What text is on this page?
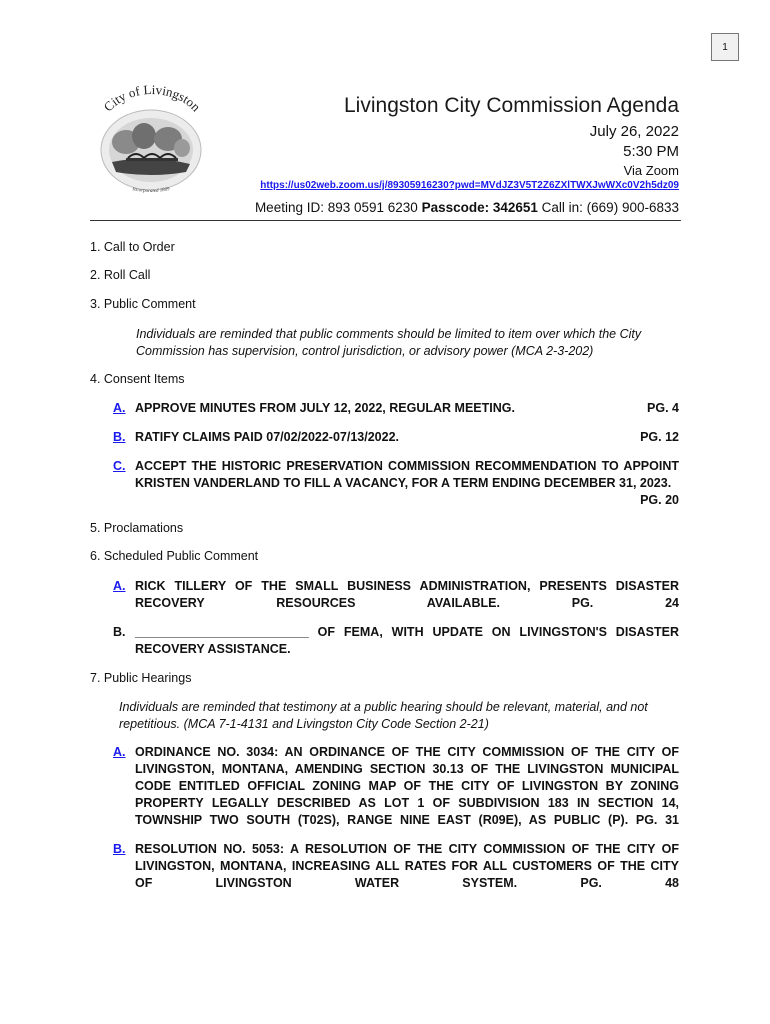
1
City of Livingston
Incorporated 1889
Livingston City Commission Agenda
July 26, 2022
5:30 PM
Via Zoom
https://us02web.zoom.us/j/89305916230?pwd=MVdJZ3V5T2Z6ZXlTWXJwWXc0V2h5dz09
Meeting ID: 893 0591 6230 Passcode: 342651 Call in: (669) 900-6833
1. Call to Order
2. Roll Call
3. Public Comment
Individuals are reminded that public comments should be limited to item over which the City Commission has supervision, control jurisdiction, or advisory power (MCA 2-3-202)
4. Consent Items
A. APPROVE MINUTES FROM JULY 12, 2022, REGULAR MEETING.	PG. 4
B. RATIFY CLAIMS PAID 07/02/2022-07/13/2022.	PG. 12
C. ACCEPT THE HISTORIC PRESERVATION COMMISSION RECOMMENDATION TO APPOINT KRISTEN VANDERLAND TO FILL A VACANCY, FOR A TERM ENDING DECEMBER 31, 2023.
PG. 20
5. Proclamations
6. Scheduled Public Comment
A. RICK TILLERY OF THE SMALL BUSINESS ADMINISTRATION, PRESENTS DISASTER RECOVERY RESOURCES AVAILABLE.	PG. 24
B. _________________________ OF FEMA, WITH UPDATE ON LIVINGSTON'S DISASTER RECOVERY ASSISTANCE.
7. Public Hearings
Individuals are reminded that testimony at a public hearing should be relevant, material, and not repetitious. (MCA 7-1-4131 and Livingston City Code Section 2-21)
A. ORDINANCE NO. 3034: AN ORDINANCE OF THE CITY COMMISSION OF THE CITY OF LIVINGSTON, MONTANA, AMENDING SECTION 30.13 OF THE LIVINGSTON MUNICIPAL CODE ENTITLED OFFICIAL ZONING MAP OF THE CITY OF LIVINGSTON BY ZONING PROPERTY LEGALLY DESCRIBED AS LOT 1 OF SUBDIVISION 183 IN SECTION 14, TOWNSHIP TWO SOUTH (T02S), RANGE NINE EAST (R09E), AS PUBLIC (P). PG. 31
B. RESOLUTION NO. 5053: A RESOLUTION OF THE CITY COMMISSION OF THE CITY OF LIVINGSTON, MONTANA, INCREASING ALL RATES FOR ALL CUSTOMERS OF THE CITY OF LIVINGSTON WATER SYSTEM.	PG. 48
